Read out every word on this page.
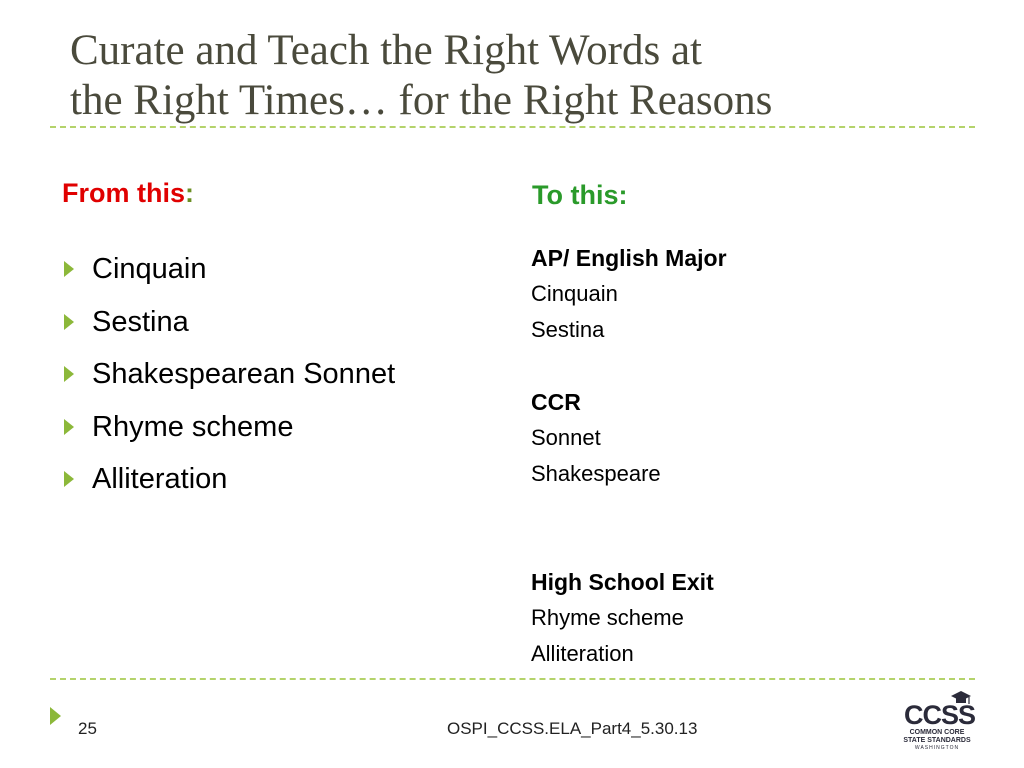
Curate and Teach the Right Words at
the Right Times… for the Right Reasons
From this:
Cinquain
Sestina
Shakespearean Sonnet
Rhyme scheme
Alliteration
To this:
AP/ English Major
Cinquain
Sestina
CCR
Sonnet
Shakespeare
High School Exit
Rhyme scheme
Alliteration
25	OSPI_CCSS.ELA_Part4_5.30.13	CCSS
COMMON CORE
STATE STANDARDS
WASHINGTON
